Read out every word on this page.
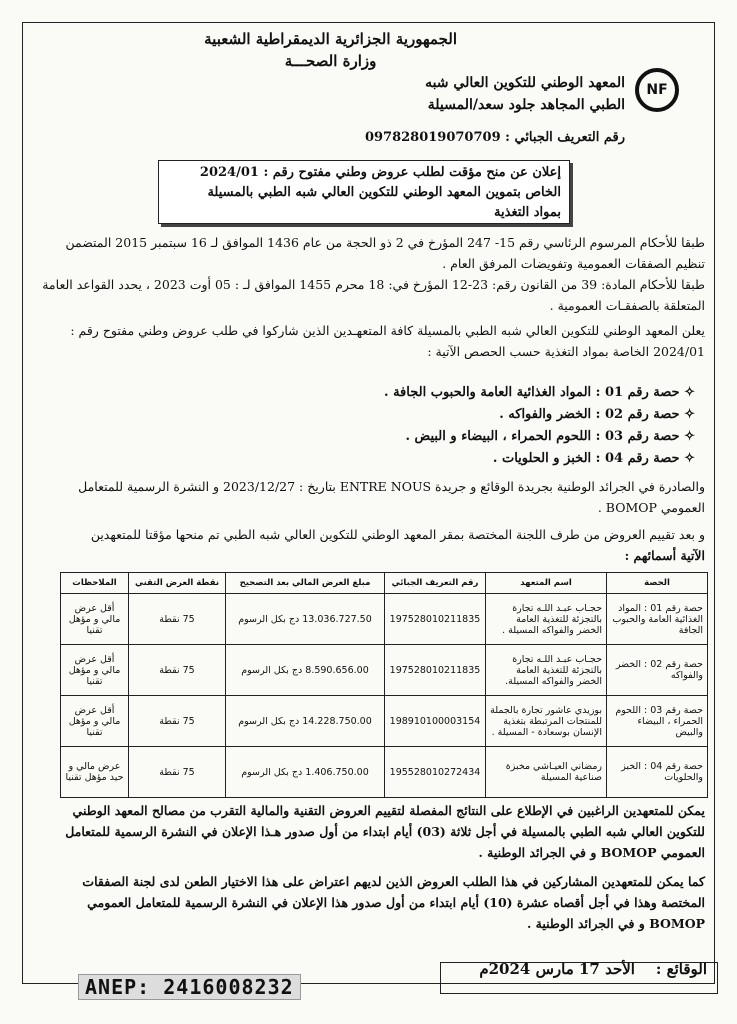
الجمهورية الجزائرية الديمقراطية الشعبية
وزارة الصحـــة
NF
المعهد الوطني للتكوين العالي شبه
الطبي المجاهد جلود سعد/المسيلة
رقم التعريف الجبائي : 097828019070709
إعلان عن منح مؤقت لطلب عروض وطني مفتوح رقم : 2024/01
الخاص بتموين المعهد الوطني للتكوين العالي شبه الطبي بالمسيلة
بمواد التغذية
طبقا للأحكام المرسوم الرئاسي رقم 15- 247 المؤرخ في 2 ذو الحجة من عام 1436 الموافق لـ 16 سبتمبر 2015 المتضمن
تنظيم الصفقات العمومية وتفويضات المرفق العام .
طبقا للأحكام المادة: 39 من القانون رقم: 23-12 المؤرخ في: 18 محرم 1455 الموافق لـ : 05 أوت 2023 ، يحدد القواعد العامة
المتعلقة بالصفقـات العمومية .
يعلن المعهد الوطني للتكوين العالي شبه الطبي بالمسيلة كافة المتعهـدين الذين شاركوا في طلب عروض وطني مفتوح رقم :
2024/01 الخاصة بمواد التغذية حسب الحصص الآتية :
✧ حصة رقم 01 : المواد الغذائية العامة والحبوب الجافة .
✧ حصة رقم 02 : الخضر والفواكه .
✧ حصة رقم 03 : اللحوم الحمراء ، البيضاء و البيض .
✧ حصة رقم 04 : الخبز و الحلويات .
والصادرة في الجرائد الوطنية بجريدة الوقائع و جريدة ENTRE NOUS بتاريخ : 2023/12/27 و النشرة الرسمية للمتعامل
العمومي BOMOP .
و بعد تقييم العروض من طرف اللجنة المختصة بمقر المعهد الوطني للتكوين العالي شبه الطبي تم منحها مؤقتا للمتعهدين
الآتية أسمائهم :
الحصة	اسم المتعهد	رقم التعريف الجبائي	مبلغ العرض المالي بعد التصحيح	نقطة العرض التقني	الملاحظات
حصة رقم 01 : المواد الغذائية العامة والحبوب الجافة	حجـاب عبـد اللـه تجارة بالتجزئة للتغذية العامة الخضر والفواكه المسيلة .	197528010211835	13.036.727.50 دج بكل الرسوم	75 نقطة	أقل عرض مالي و مؤهل تقنيا
حصة رقم 02 : الخضر والفواكه	حجـاب عبـد اللـه تجارة بالتجزئة للتغذية العامة الخضر والفواكه المسيلة.	197528010211835	8.590.656.00 دج بكل الرسوم	75 نقطة	أقل عرض مالي و مؤهل تقنيا
حصة رقم 03 : اللحوم الحمراء ، البيضاء والبيض	بوزيدي عاشور تجارة بالجملة للمنتجات المرتبطة بتغذية الإنسان بوسعادة - المسيلة .	198910100003154	14.228.750.00 دج بكل الرسوم	75 نقطة	أقل عرض مالي و مؤهل تقنيا
حصة رقم 04 : الخبز والحلويات	رمضاني العيـاشي مخبزة صناعية المسيلة	195528010272434	1.406.750.00 دج بكل الرسوم	75 نقطة	عرض مالي و حيد مؤهل تقنيا
يمكن للمتعهدين الراغبين في الإطلاع على النتائج المفصلة لتقييم العروض التقنية والمالية التقرب من مصالح المعهد الوطني
للتكوين العالي شبه الطبي بالمسيلة في أجل ثلاثة (03) أيام ابتداء من أول صدور هـذا الإعلان في النشرة الرسمية للمتعامل
العمومي BOMOP و في الجرائد الوطنية .
كما يمكن للمتعهدين المشاركين في هذا الطلب العروض الذين لديهم اعتراض على هذا الاختيار الطعن لدى لجنة الصفقات
المختصة وهذا في أجل أقصاه عشرة (10) أيام ابتداء من أول صدور هذا الإعلان في النشرة الرسمية للمتعامل العمومي
BOMOP و في الجرائد الوطنية .
الوقائع :    الأحد 17 مارس 2024م
ANEP: 2416008232
